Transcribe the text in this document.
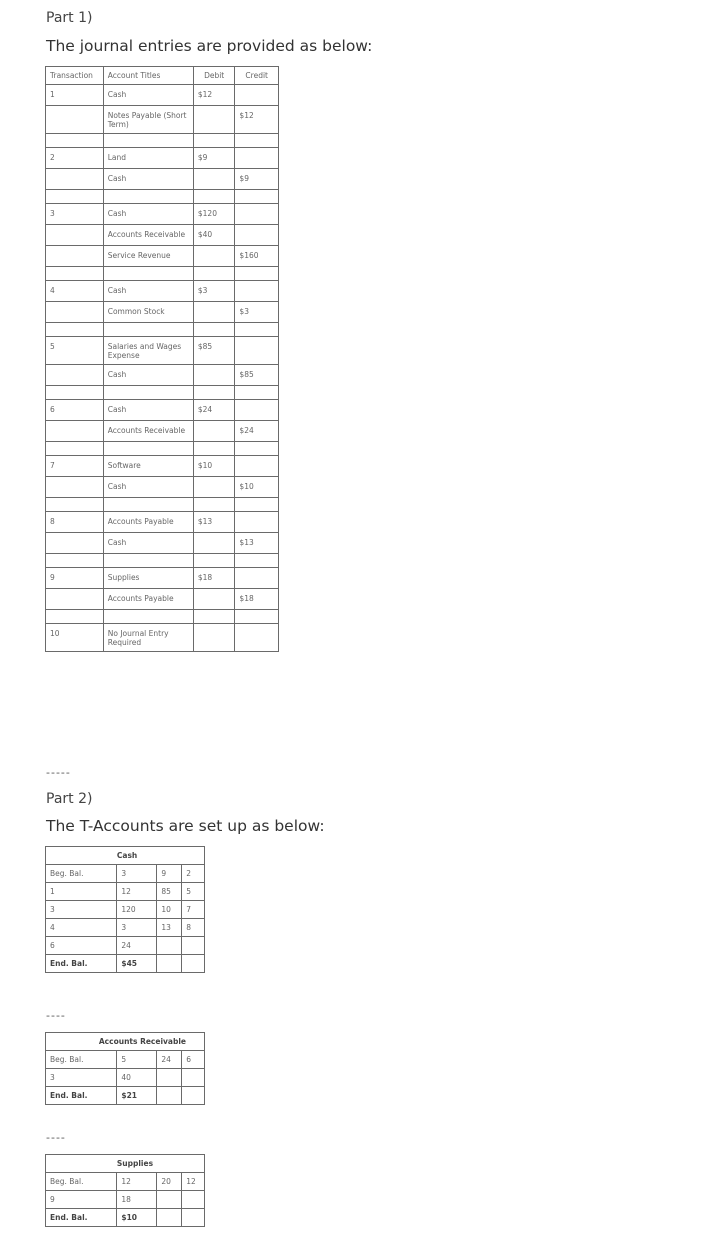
Part 1)
The journal entries are provided as below:
Transaction	Account Titles	Debit	Credit
1	Cash	$12	
	Notes Payable (Short Term)		$12

2	Land	$9	
	Cash		$9

3	Cash	$120	
	Accounts Receivable	$40	
	Service Revenue		$160

4	Cash	$3	
	Common Stock		$3

5	Salaries and Wages Expense	$85	
	Cash		$85

6	Cash	$24	
	Accounts Receivable		$24

7	Software	$10	
	Cash		$10

8	Accounts Payable	$13	
	Cash		$13

9	Supplies	$18	
	Accounts Payable		$18

10	No Journal Entry Required		
-----
Part 2)
The T-Accounts are set up as below:
	Cash		
Beg. Bal.	3	9	2
1	12	85	5
3	120	10	7
4	3	13	8
6	24		
End. Bal.	$45		
----
	Accounts Receivable		
Beg. Bal.	5	24	6
3	40		
End. Bal.	$21		
----
	Supplies		
Beg. Bal.	12	20	12
9	18		
End. Bal.	$10		
